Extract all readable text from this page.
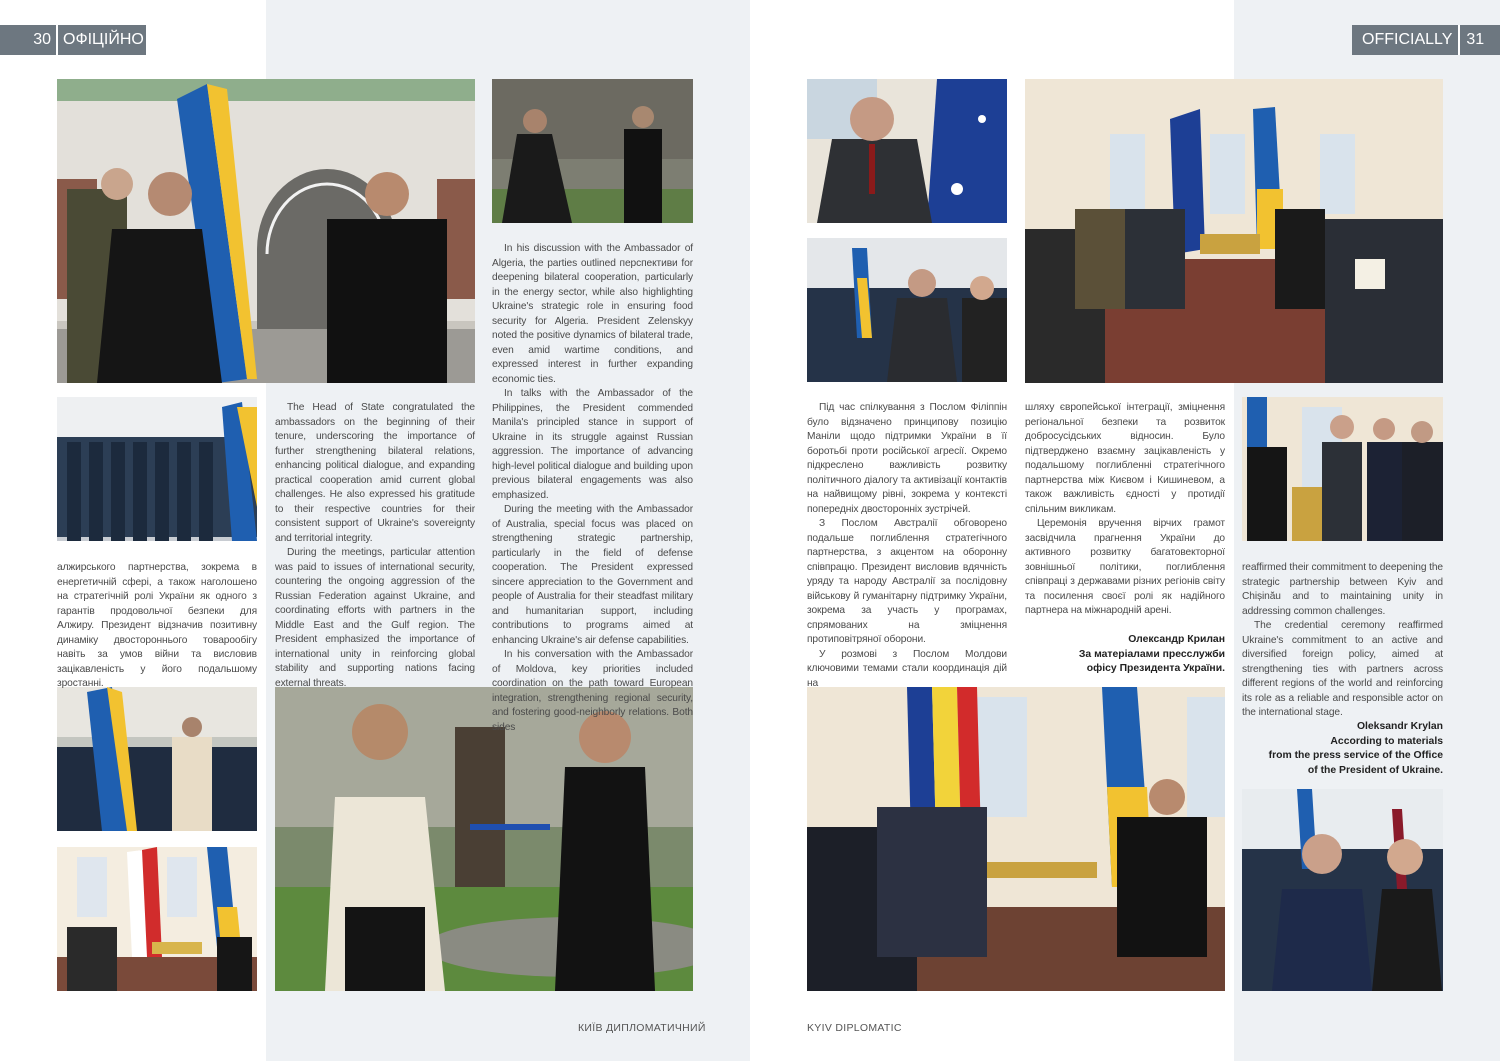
30 ОФІЦІЙНО	OFFICIALLY 31

алжирського партнерства, зокрема в енергетичній сфері, а також наголошено на стратегічній ролі України як одного з гарантів продовольчої безпеки для Алжиру. Президент відзначив позитивну динаміку двостороннього товарообігу навіть за умов війни та висловив зацікавленість у його подальшому зростанні.

The Head of State congratulated the ambassadors on the beginning of their tenure, underscoring the importance of further strengthening bilateral relations, enhancing political dialogue, and expanding practical cooperation amid current global challenges. He also expressed his gratitude to their respective countries for their consistent support of Ukraine's sovereignty and territorial integrity.

During the meetings, particular attention was paid to issues of international security, countering the ongoing aggression of the Russian Federation against Ukraine, and coordinating efforts with partners in the Middle East and the Gulf region. The President emphasized the importance of international unity in reinforcing global stability and supporting nations facing external threats.

In his discussion with the Ambassador of Algeria, the parties outlined перспективи for deepening bilateral cooperation, particularly in the energy sector, while also highlighting Ukraine's strategic role in ensuring food security for Algeria. President Zelenskyy noted the positive dynamics of bilateral trade, even amid wartime conditions, and expressed interest in further expanding economic ties.

In talks with the Ambassador of the Philippines, the President commended Manila's principled stance in support of Ukraine in its struggle against Russian aggression. The importance of advancing high-level political dialogue and building upon previous bilateral engagements was also emphasized.

During the meeting with the Ambassador of Australia, special focus was placed on strengthening strategic partnership, particularly in the field of defense cooperation. The President expressed sincere appreciation to the Government and people of Australia for their steadfast military and humanitarian support, including contributions to programs aimed at enhancing Ukraine's air defense capabilities.

In his conversation with the Ambassador of Moldova, key priorities included coordination on the path toward European integration, strengthening regional security, and fostering good-neighborly relations. Both sides

КИЇВ ДИПЛОМАТИЧНИЙ

Під час спілкування з Послом Філіппін було відзначено принципову позицію Маніли щодо підтримки України в її боротьбі проти російської агресії. Окремо підкреслено важливість розвитку політичного діалогу та активізації контактів на найвищому рівні, зокрема у контексті попередніх двосторонніх зустрічей.

З Послом Австралії обговорено подальше поглиблення стратегічного партнерства, з акцентом на оборонну співпрацю. Президент висловив вдячність уряду та народу Австралії за послідовну військову й гуманітарну підтримку України, зокрема за участь у програмах, спрямованих на зміцнення протиповітряної оборони.

У розмові з Послом Молдови ключовими темами стали координація дій на

шляху європейської інтеграції, зміцнення регіональної безпеки та розвиток добросусідських відносин. Було підтверджено взаємну зацікавленість у подальшому поглибленні стратегічного партнерства між Києвом і Кишиневом, а також важливість єдності у протидії спільним викликам.

Церемонія вручення вірчих грамот засвідчила прагнення України до активного розвитку багатовекторної зовнішньої політики, поглиблення співпраці з державами різних регіонів світу та посилення своєї ролі як надійного партнера на міжнародній арені.

Олександр Крилан
За матеріалами пресслужби
офісу Президента України.

reaffirmed their commitment to deepening the strategic partnership between Kyiv and Chișinău and to maintaining unity in addressing common challenges.

The credential ceremony reaffirmed Ukraine's commitment to an active and diversified foreign policy, aimed at strengthening ties with partners across different regions of the world and reinforcing its role as a reliable and responsible actor on the international stage.

Oleksandr Krylan
According to materials
from the press service of the Office
of the President of Ukraine.
KYIV DIPLOMATIC
